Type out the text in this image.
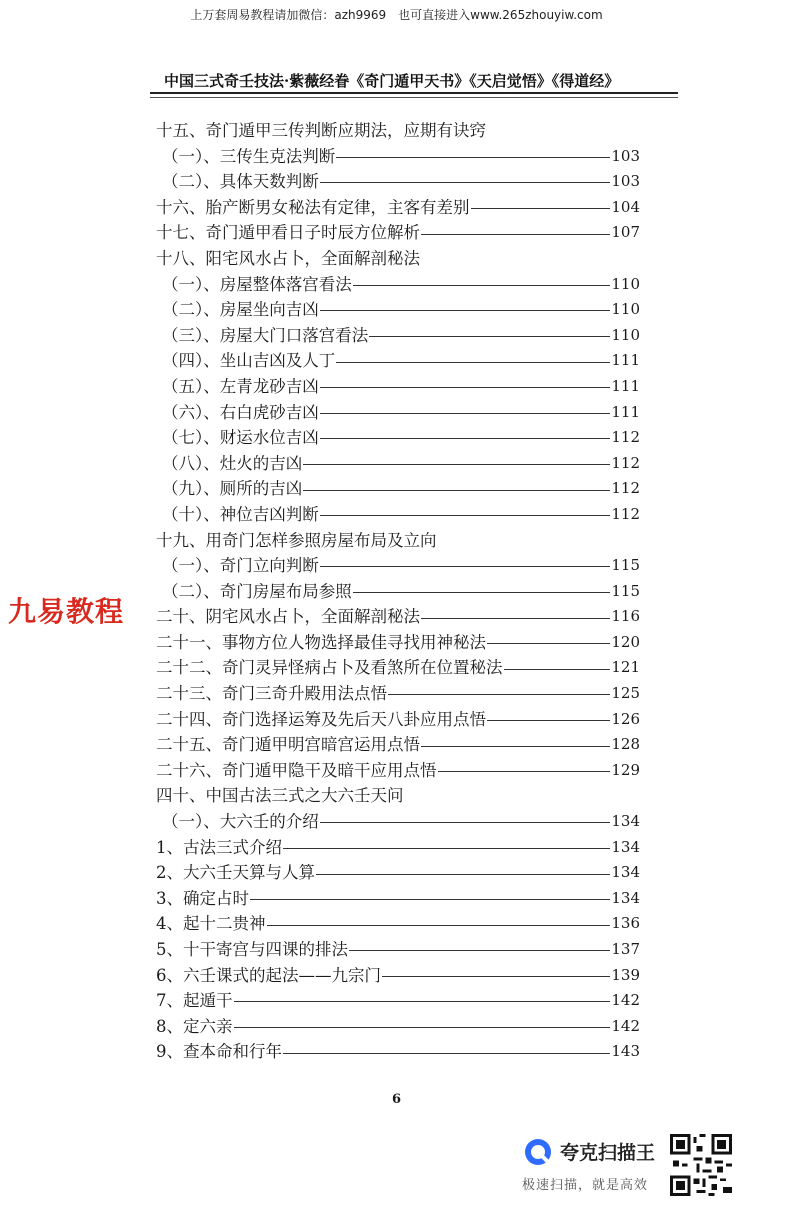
上万套周易教程请加微信：azh9969　也可直接进入www.265zhouyiw.com
中国三式奇壬技法·紫薇经眷《奇门遁甲天书》《天启觉悟》《得道经》
十五、奇门遁甲三传判断应期法，应期有诀窍
（一）、三传生克法判断	103
（二）、具体天数判断	103
十六、胎产断男女秘法有定律，主客有差别	104
十七、奇门遁甲看日子时辰方位解析	107
十八、阳宅风水占卜，全面解剖秘法
（一）、房屋整体落宫看法	110
（二）、房屋坐向吉凶	110
（三）、房屋大门口落宫看法	110
（四）、坐山吉凶及人丁	111
（五）、左青龙砂吉凶	111
（六）、右白虎砂吉凶	111
（七）、财运水位吉凶	112
（八）、灶火的吉凶	112
（九）、厕所的吉凶	112
（十）、神位吉凶判断	112
十九、用奇门怎样参照房屋布局及立向
（一）、奇门立向判断	115
（二）、奇门房屋布局参照	115
二十、阴宅风水占卜，全面解剖秘法	116
二十一、事物方位人物选择最佳寻找用神秘法	120
二十二、奇门灵异怪病占卜及看煞所在位置秘法	121
二十三、奇门三奇升殿用法点悟	125
二十四、奇门选择运筹及先后天八卦应用点悟	126
二十五、奇门遁甲明宫暗宫运用点悟	128
二十六、奇门遁甲隐干及暗干应用点悟	129
四十、中国古法三式之大六壬天问
（一）、大六壬的介绍	134
1、古法三式介绍	134
2、大六壬天算与人算	134
3、确定占时	134
4、起十二贵神	136
5、十干寄宫与四课的排法	137
6、六壬课式的起法——九宗门	139
7、起遁干	142
8、定六亲	142
9、查本命和行年	143
九易教程
6
夸克扫描王
极速扫描，就是高效
